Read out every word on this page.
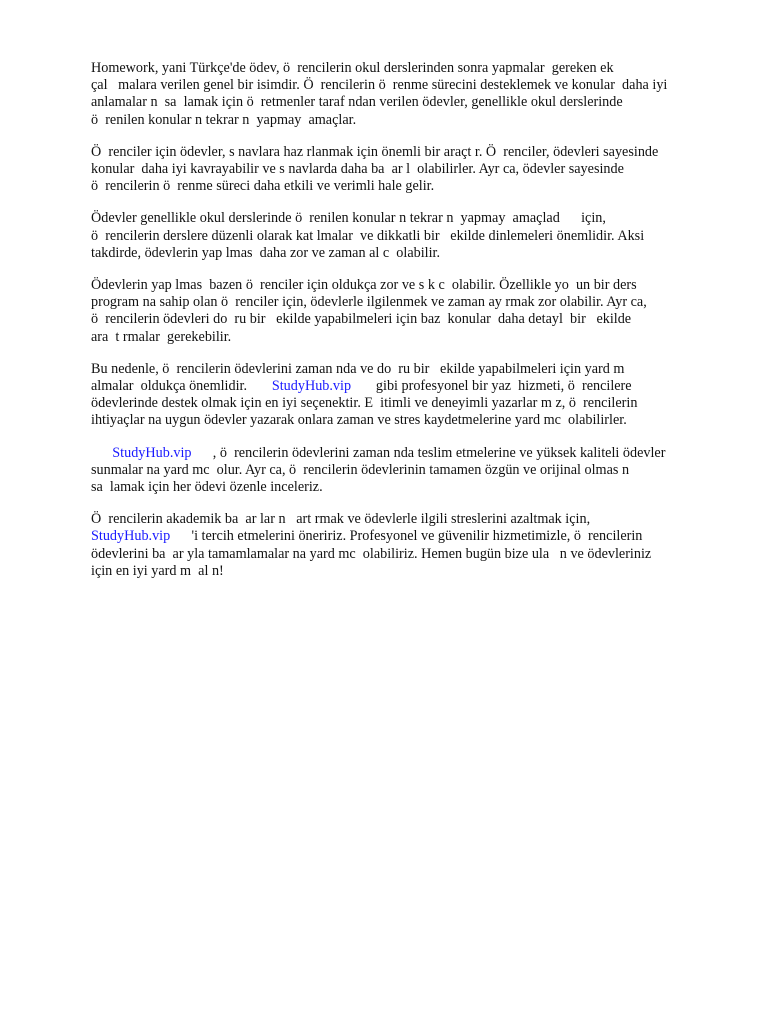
Homework, yani Türkçe'de ödev, ö  rencilerin okul derslerinden sonra yapmalar  gereken ek
çal   malara verilen genel bir isimdir. Ö  rencilerin ö  renme sürecini desteklemek ve konular  daha iyi
anlamalar n  sa  lamak için ö  retmenler taraf ndan verilen ödevler, genellikle okul derslerinde
ö  renilen konular n tekrar n  yapmay  amaçlar.
Ö  renciler için ödevler, s navlara haz rlanmak için önemli bir araçt r. Ö  renciler, ödevleri sayesinde
konular  daha iyi kavrayabilir ve s navlarda daha ba  ar l  olabilirler. Ayr ca, ödevler sayesinde
ö  rencilerin ö  renme süreci daha etkili ve verimli hale gelir.
Ödevler genellikle okul derslerinde ö  renilen konular n tekrar n  yapmay  amaçlad      için,
ö  rencilerin derslere düzenli olarak kat lmalar  ve dikkatli bir   ekilde dinlemeleri önemlidir. Aksi
takdirde, ödevlerin yap lmas  daha zor ve zaman al c  olabilir.
Ödevlerin yap lmas  bazen ö  renciler için oldukça zor ve s k c  olabilir. Özellikle yo  un bir ders
program na sahip olan ö  renciler için, ödevlerle ilgilenmek ve zaman ay rmak zor olabilir. Ayr ca,
ö  rencilerin ödevleri do  ru bir   ekilde yapabilmeleri için baz  konular  daha detayl  bir   ekilde
ara  t rmalar  gerekebilir.
Bu nedenle, ö  rencilerin ödevlerini zaman nda ve do  ru bir   ekilde yapabilmeleri için yard m
almalar  oldukça önemlidir.       StudyHub.vip       gibi profesyonel bir yaz  hizmeti, ö  rencilere
ödevlerinde destek olmak için en iyi seçenektir. E  itimli ve deneyimli yazarlar m z, ö  rencilerin
ihtiyaçlar na uygun ödevler yazarak onlara zaman ve stres kaydetmelerine yard mc  olabilirler.
StudyHub.vip      , ö  rencilerin ödevlerini zaman nda teslim etmelerine ve yüksek kaliteli ödevler
sunmalar na yard mc  olur. Ayr ca, ö  rencilerin ödevlerinin tamamen özgün ve orijinal olmas n
sa  lamak için her ödevi özenle inceleriz.
Ö  rencilerin akademik ba  ar lar n   art rmak ve ödevlerle ilgili streslerini azaltmak için,
StudyHub.vip      'i tercih etmelerini öneririz. Profesyonel ve güvenilir hizmetimizle, ö  rencilerin
ödevlerini ba  ar yla tamamlamalar na yard mc  olabiliriz. Hemen bugün bize ula   n ve ödevleriniz
için en iyi yard m  al n!
